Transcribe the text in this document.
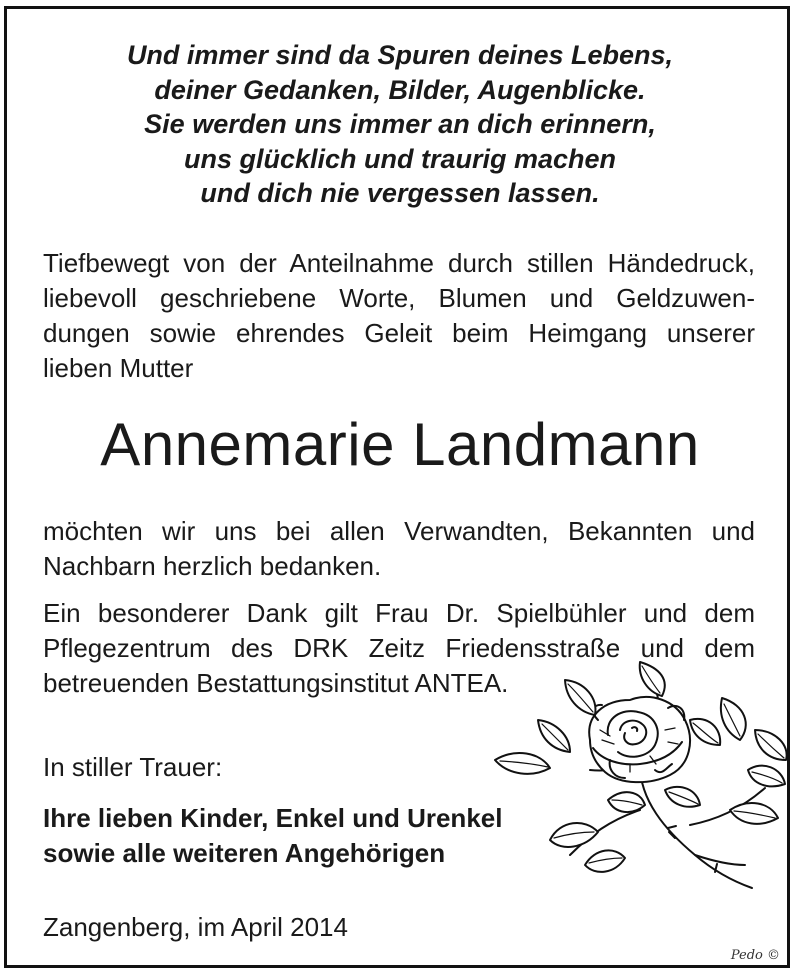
Und immer sind da Spuren deines Lebens,
deiner Gedanken, Bilder, Augenblicke.
Sie werden uns immer an dich erinnern,
uns glücklich und traurig machen
und dich nie vergessen lassen.
Tiefbewegt von der Anteilnahme durch stillen Händedruck,
liebevoll geschriebene Worte, Blumen und Geldzuwen-
dungen sowie ehrendes Geleit beim Heimgang unserer
lieben Mutter
Annemarie Landmann
möchten wir uns bei allen Verwandten, Bekannten und
Nachbarn herzlich bedanken.
Ein besonderer Dank gilt Frau Dr. Spielbühler und dem
Pflegezentrum des DRK Zeitz Friedensstraße und dem
betreuenden Bestattungsinstitut ANTEA.
In stiller Trauer:
Ihre lieben Kinder, Enkel und Urenkel
sowie alle weiteren Angehörigen
Zangenberg, im April 2014
Pedo ©
